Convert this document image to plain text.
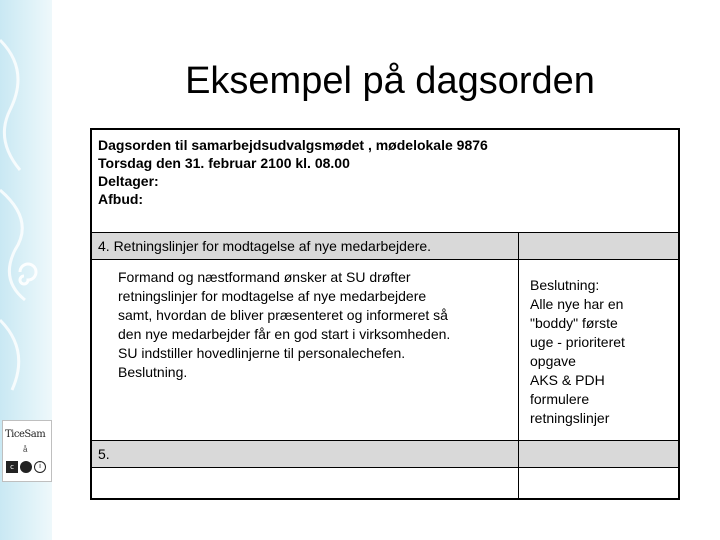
TiceSam
å
c	i
Eksempel på dagsorden
Dagsorden til samarbejdsudvalgsmødet , mødelokale 9876
Torsdag den 31. februar 2100 kl. 08.00
Deltager:
Afbud:
4. Retningslinjer for modtagelse af nye medarbejdere.
Formand og næstformand ønsker at SU drøfter
retningslinjer for modtagelse af nye medarbejdere
samt, hvordan de bliver præsenteret og informeret så
den nye medarbejder får en god start i virksomheden.
SU indstiller hovedlinjerne til personalechefen.
Beslutning.
Beslutning:
Alle nye har en
"boddy" første
uge - prioriteret
opgave
AKS & PDH
formulere
retningslinjer
5.
